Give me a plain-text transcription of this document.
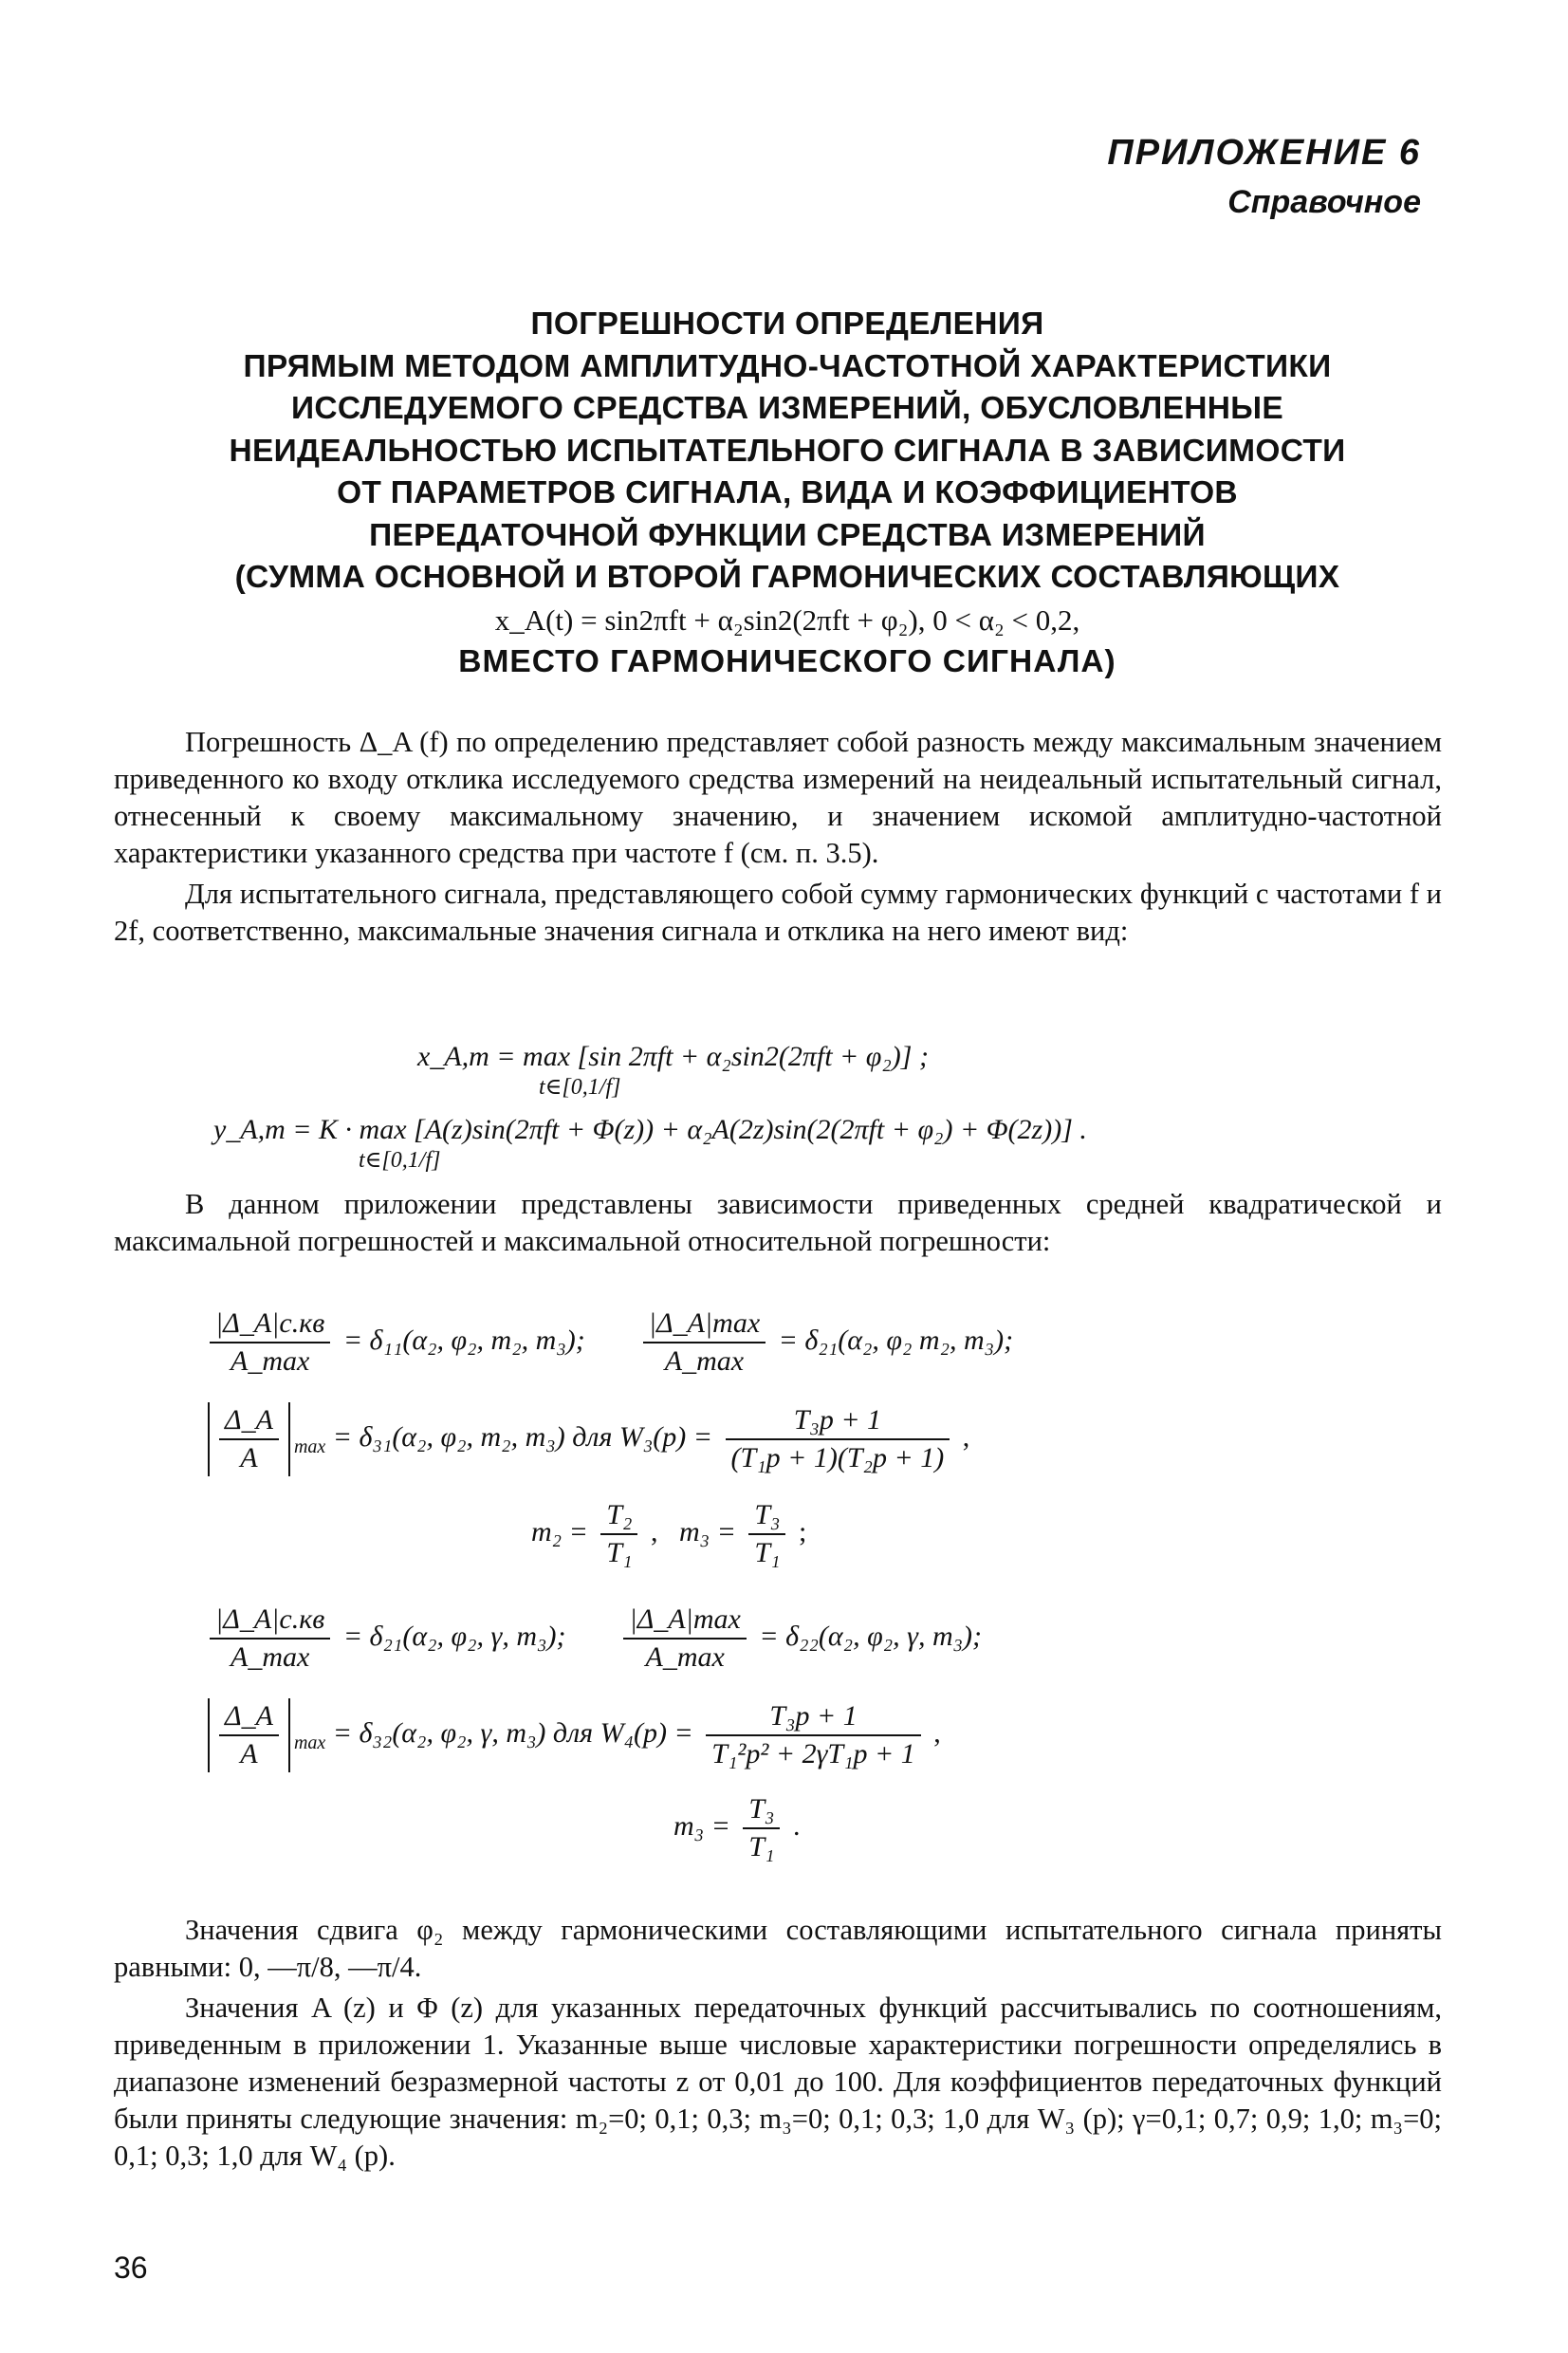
ПРИЛОЖЕНИЕ 6
Справочное
ПОГРЕШНОСТИ ОПРЕДЕЛЕНИЯ
ПРЯМЫМ МЕТОДОМ АМПЛИТУДНО-ЧАСТОТНОЙ ХАРАКТЕРИСТИКИ
ИССЛЕДУЕМОГО СРЕДСТВА ИЗМЕРЕНИЙ, ОБУСЛОВЛЕННЫЕ
НЕИДЕАЛЬНОСТЬЮ ИСПЫТАТЕЛЬНОГО СИГНАЛА В ЗАВИСИМОСТИ
ОТ ПАРАМЕТРОВ СИГНАЛА, ВИДА И КОЭФФИЦИЕНТОВ
ПЕРЕДАТОЧНОЙ ФУНКЦИИ СРЕДСТВА ИЗМЕРЕНИЙ
(СУММА ОСНОВНОЙ И ВТОРОЙ ГАРМОНИЧЕСКИХ СОСТАВЛЯЮЩИХ
x_A(t) = sin2πft + α₂sin2(2πft + φ₂), 0 < α₂ < 0,2,
ВМЕСТО ГАРМОНИЧЕСКОГО СИГНАЛА)

Погрешность Δ_A (f) по определению представляет собой разность между максимальным значением приведенного ко входу отклика исследуемого средства измерений на неидеальный испытательный сигнал, отнесенный к своему максимальному значению, и значением искомой амплитудно-частотной характеристики указанного средства при частоте f (см. п. 3.5).

Для испытательного сигнала, представляющего собой сумму гармонических функций с частотами f и 2f, соответственно, максимальные значения сигнала и отклика на него имеют вид:

x_A,m = max [sin 2πft + α₂sin2(2πft + φ₂)] ;
t∈[0,1/f]
y_A,m = K · max [A(z)sin(2πft + Φ(z)) + α₂A(2z)sin(2(2πft + φ₂) + Φ(2z))] .
t∈[0,1/f]

В данном приложении представлены зависимости приведенных средней квадратической и максимальной погрешностей и максимальной относительной погрешности:

$\frac{|\Delta\_A|с.кв}{A\_\max} = \delta_{11}(\alpha_2$, φ₂, m₂, m₃); $\frac{|\Delta\_A|\max}{A\_\max} = \delta_{21}(\alpha_2$, φ₂ m₂, m₃);
$\frac{\Delta\_A}{A} _{max} = \delta_{31}(\alpha_2$, φ₂, m₂, m₃) для $W_3(p) = \frac{\text{T₃p + 1}}{\text{(T₁p + 1)(T₂p + 1)}}$ ,
$m_2 = \frac{\text{T₂}}{\text{T₁}}$ ,   $m_3 = \frac{\text{T₃}}{\text{T₁}}$ ;
$\frac{|\Delta\_A|с.кв}{A\_\max} = \delta_{21}(\alpha_2$, φ₂, γ, m₃); $\frac{|\Delta\_A|\max}{A\_\max} = \delta_{22}(\alpha_2$, φ₂, γ, m₃);
$\frac{\Delta\_A}{A} _{max} = \delta_{32}(\alpha_2$, φ₂, γ, m₃) для $W_4(p) = \frac{\text{T₃p + 1}}{\text{T₁²p² + 2γT₁p + 1}}$ ,
$m_3 = \frac{\text{T₃}}{\text{T₁}}$ .

Значения сдвига φ₂ между гармоническими составляющими испытательного сигнала приняты равными: 0, —π/8, —π/4.

Значения A (z) и Φ (z) для указанных передаточных функций рассчитывались по соотношениям, приведенным в приложении 1. Указанные выше числовые характеристики погрешности определялись в диапазоне изменений безразмерной частоты z от 0,01 до 100. Для коэффициентов передаточных функций были приняты следующие значения: m₂=0; 0,1; 0,3; m₃=0; 0,1; 0,3; 1,0 для W₃ (p); γ=0,1; 0,7; 0,9; 1,0; m₃=0; 0,1; 0,3; 1,0 для W₄ (p).

36
